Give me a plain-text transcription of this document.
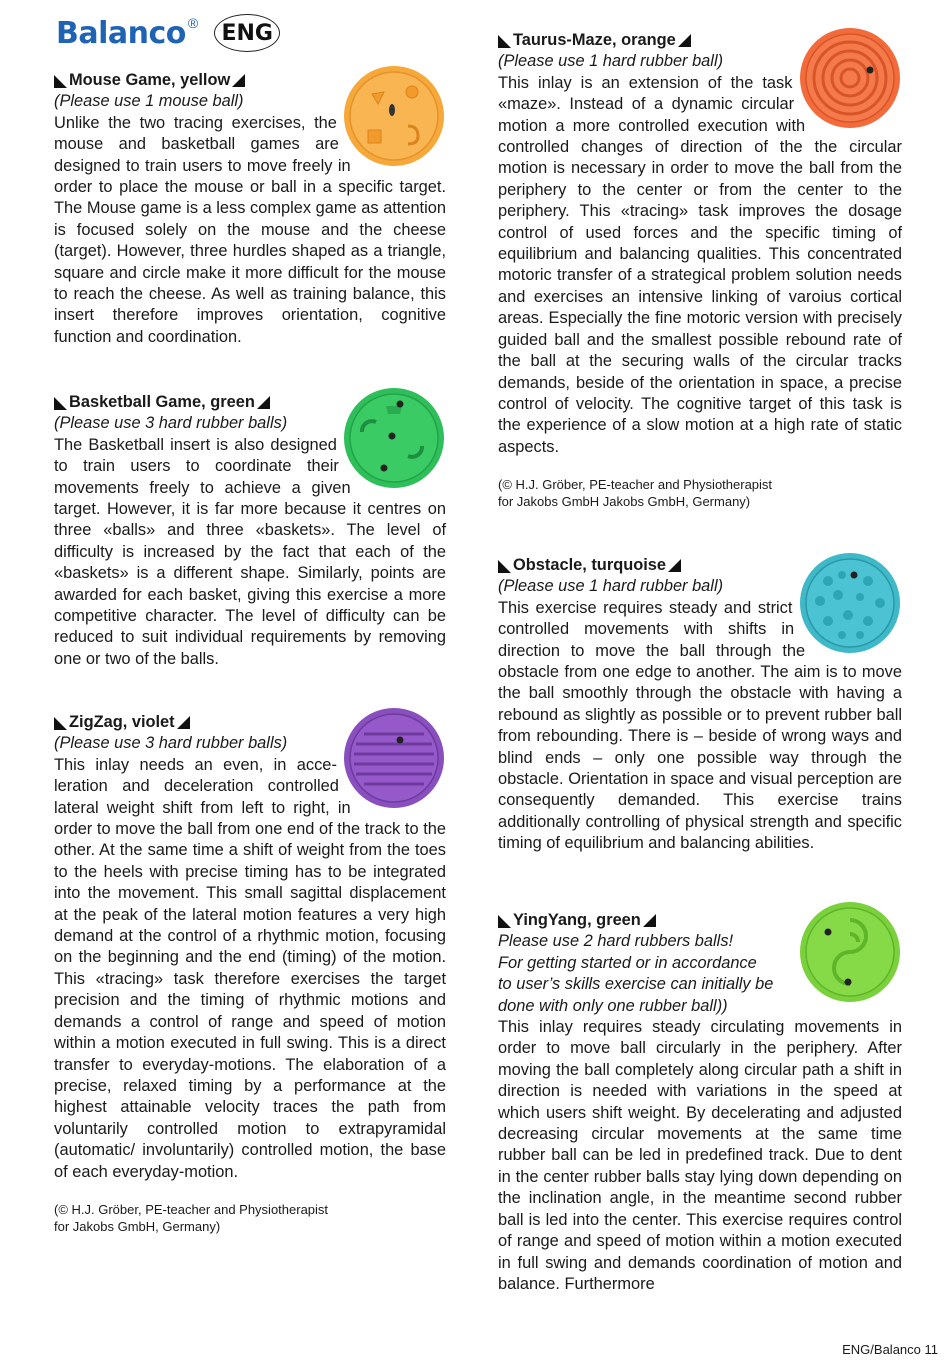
Balanco ®	ENG
Mouse Game, yellow
(Please use 1 mouse ball)
Unlike the two tracing exercises, the mouse and basketball games are designed to train users to move freely in order to place the mouse or ball in a specific target. The Mouse game is a less complex game as attention is focused solely on the mouse and the cheese (target). However, three hurdles shaped as a triangle, square and circle make it more difficult for the mouse to reach the cheese. As well as training balance, this insert therefore improves orientation, cognitive function and coordination.
Basketball Game, green
(Please use 3 hard rubber balls)
The Basketball insert is also designed to train users to coordinate their movements freely to achieve a given target. However, it is far more because it centres on three «balls» and three «baskets». The level of difficulty is increased by the fact that each of the «baskets» is a different shape. Similarly, points are awarded for each basket, giving this exercise a more competitive character. The level of difficulty can be reduced to suit individual requirements by removing one or two of the balls.
ZigZag, violet
(Please use 3 hard rubber balls)
This inlay needs an even, in acceleration and deceleration controlled lateral weight shift from left to right, in order to move the ball from one end of the track to the other. At the same time a shift of weight from the toes to the heels with precise timing has to be integrated into the movement. This small sagittal displacement at the peak of the lateral motion features a very high demand at the control of a rhythmic motion, focusing on the beginning and the end (timing) of the motion. This «tracing» task therefore exercises the target precision and the timing of rhythmic motions and demands a control of range and speed of motion within a motion executed in full swing. This is a direct transfer to everyday-motions. The elaboration of a precise, relaxed timing by a performance at the highest attainable velocity traces the path from voluntarily controlled motion to extrapyramidal (automatic/ involuntarily) controlled motion, the base of each everyday-motion.
(© H.J. Gröber, PE-teacher and Physiotherapist
for Jakobs GmbH, Germany)
Taurus-Maze, orange
(Please use 1 hard rubber ball)
This inlay is an extension of the task «maze». Instead of a dynamic circular motion a more controlled execution with controlled changes of direction of the the circular motion is necessary in order to move the ball from the periphery to the center or from the center to the periphery. This «tracing» task improves the dosage control of used forces and the specific timing of equilibrium and balancing qualities. This concentrated motoric transfer of a strategical problem solution needs and exercises an intensive linking of varoius cortical areas. Especially the fine motoric version with precisely guided ball and the smallest possible rebound rate of the ball at the securing walls of the circular tracks demands, beside of the orientation in space, a precise control of velocity. The cognitive target of this task is the experience of a slow motion at a high rate of static aspects.
(© H.J. Gröber, PE-teacher and Physiotherapist
for Jakobs GmbH Jakobs GmbH, Germany)
Obstacle, turquoise
(Please use 1 hard rubber ball)
This exercise requires steady and strict controlled movements with shifts in direction to move the ball through the obstacle from one edge to another. The aim is to move the ball smoothly through the obstacle with having a rebound as slightly as possible or to prevent rubber ball from rebounding. There is – beside of wrong ways and blind ends – only one possible way through the obstacle. Orientation in space and visual perception are consequently demanded. This exercise trains additionally controlling of physical strength and specific timing of equilibrium and balancing abilities.
YingYang, green
Please use 2 hard rubbers balls!
For getting started or in accordance
to user’s skills exercise can initially be
done with only one rubber ball))
This inlay requires steady circulating movements in order to move ball circularly in the periphery. After moving the ball completely along circular path a shift in direction is needed with variations in the speed at which users shift weight. By decelerating and adjusted decreasing circular movements at the same time rubber ball can be led in predefined track. Due to dent in the center rubber balls stay lying down depending on the inclination angle, in the meantime second rubber ball is led into the center. This exercise requires control of range and speed of motion within a motion executed in full swing and demands coordination of motion and balance. Furthermore
ENG/Balanco 11
